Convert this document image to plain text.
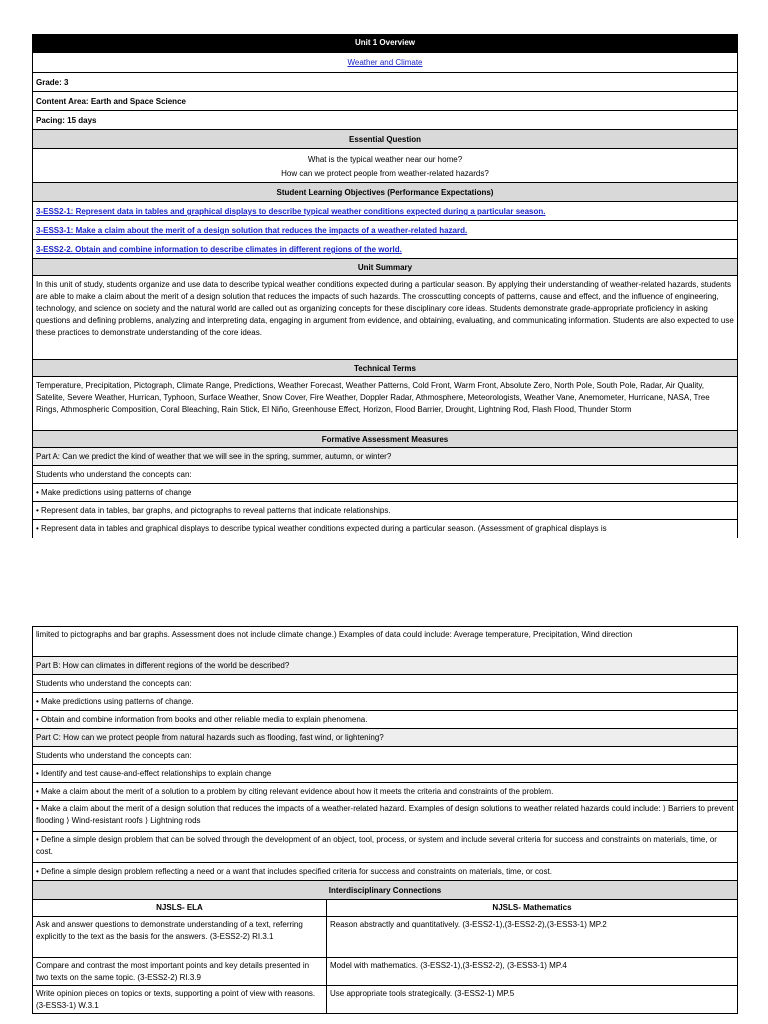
Unit 1 Overview
Weather and Climate
Grade: 3
Content Area: Earth and Space Science
Pacing: 15 days
Essential Question
What is the typical weather near our home?
How can we protect people from weather-related hazards?
Student Learning Objectives (Performance Expectations)
3-ESS2-1: Represent data in tables and graphical displays to describe typical weather conditions expected during a particular season.
3-ESS3-1: Make a claim about the merit of a design solution that reduces the impacts of a weather-related hazard.
3-ESS2-2. Obtain and combine information to describe climates in different regions of the world.
Unit Summary
In this unit of study, students organize and use data to describe typical weather conditions expected during a particular season. By applying their understanding of weather-related hazards, students are able to make a claim about the merit of a design solution that reduces the impacts of such hazards. The crosscutting concepts of patterns, cause and effect, and the influence of engineering, technology, and science on society and the natural world are called out as organizing concepts for these disciplinary core ideas. Students demonstrate grade-appropriate proficiency in asking questions and defining problems, analyzing and interpreting data, engaging in argument from evidence, and obtaining, evaluating, and communicating information. Students are also expected to use these practices to demonstrate understanding of the core ideas.
Technical Terms
Temperature, Precipitation, Pictograph, Climate Range, Predictions, Weather Forecast, Weather Patterns, Cold Front, Warm Front, Absolute Zero, North Pole, South Pole, Radar, Air Quality, Satelite, Severe Weather, Hurrican, Typhoon, Surface Weather, Snow Cover, Fire Weather, Doppler Radar, Athmosphere, Meteorologists, Weather Vane, Anemometer, Hurricane, NASA, Tree Rings, Athmospheric Composition, Coral Bleaching, Rain Stick, El Niño, Greenhouse Effect, Horizon, Flood Barrier, Drought, Lightning Rod, Flash Flood, Thunder Storm
Formative Assessment Measures
Part A: Can we predict the kind of weather that we will see in the spring, summer, autumn, or winter?
Students who understand the concepts can:
• Make predictions using patterns of change
• Represent data in tables, bar graphs, and pictographs to reveal patterns that indicate relationships.
• Represent data in tables and graphical displays to describe typical weather conditions expected during a particular season. (Assessment of graphical displays is
limited to pictographs and bar graphs. Assessment does not include climate change.) Examples of data could include: Average temperature, Precipitation, Wind direction
Part B: How can climates in different regions of the world be described?
Students who understand the concepts can:
• Make predictions using patterns of change.
• Obtain and combine information from books and other reliable media to explain phenomena.
Part C: How can we protect people from natural hazards such as flooding, fast wind, or lightening?
Students who understand the concepts can:
• Identify and test cause-and-effect relationships to explain change
• Make a claim about the merit of a solution to a problem by citing relevant evidence about how it meets the criteria and constraints of the problem.
• Make a claim about the merit of a design solution that reduces the impacts of a weather-related hazard. Examples of design solutions to weather related hazards could include: ⟩ Barriers to prevent flooding ⟩ Wind-resistant roofs ⟩ Lightning rods
• Define a simple design problem that can be solved through the development of an object, tool, process, or system and include several criteria for success and constraints on materials, time, or cost.
• Define a simple design problem reflecting a need or a want that includes specified criteria for success and constraints on materials, time, or cost.
Interdisciplinary Connections
NJSLS- ELA	NJSLS- Mathematics
Ask and answer questions to demonstrate understanding of a text, referring explicitly to the text as the basis for the answers. (3-ESS2-2) RI.3.1
Reason abstractly and quantitatively. (3-ESS2-1),(3-ESS2-2),(3-ESS3-1) MP.2
Compare and contrast the most important points and key details presented in two texts on the same topic. (3-ESS2-2) RI.3.9
Model with mathematics. (3-ESS2-1),(3-ESS2-2), (3-ESS3-1) MP.4
Write opinion pieces on topics or texts, supporting a point of view with reasons. (3-ESS3-1) W.3.1
Use appropriate tools strategically. (3-ESS2-1) MP.5
